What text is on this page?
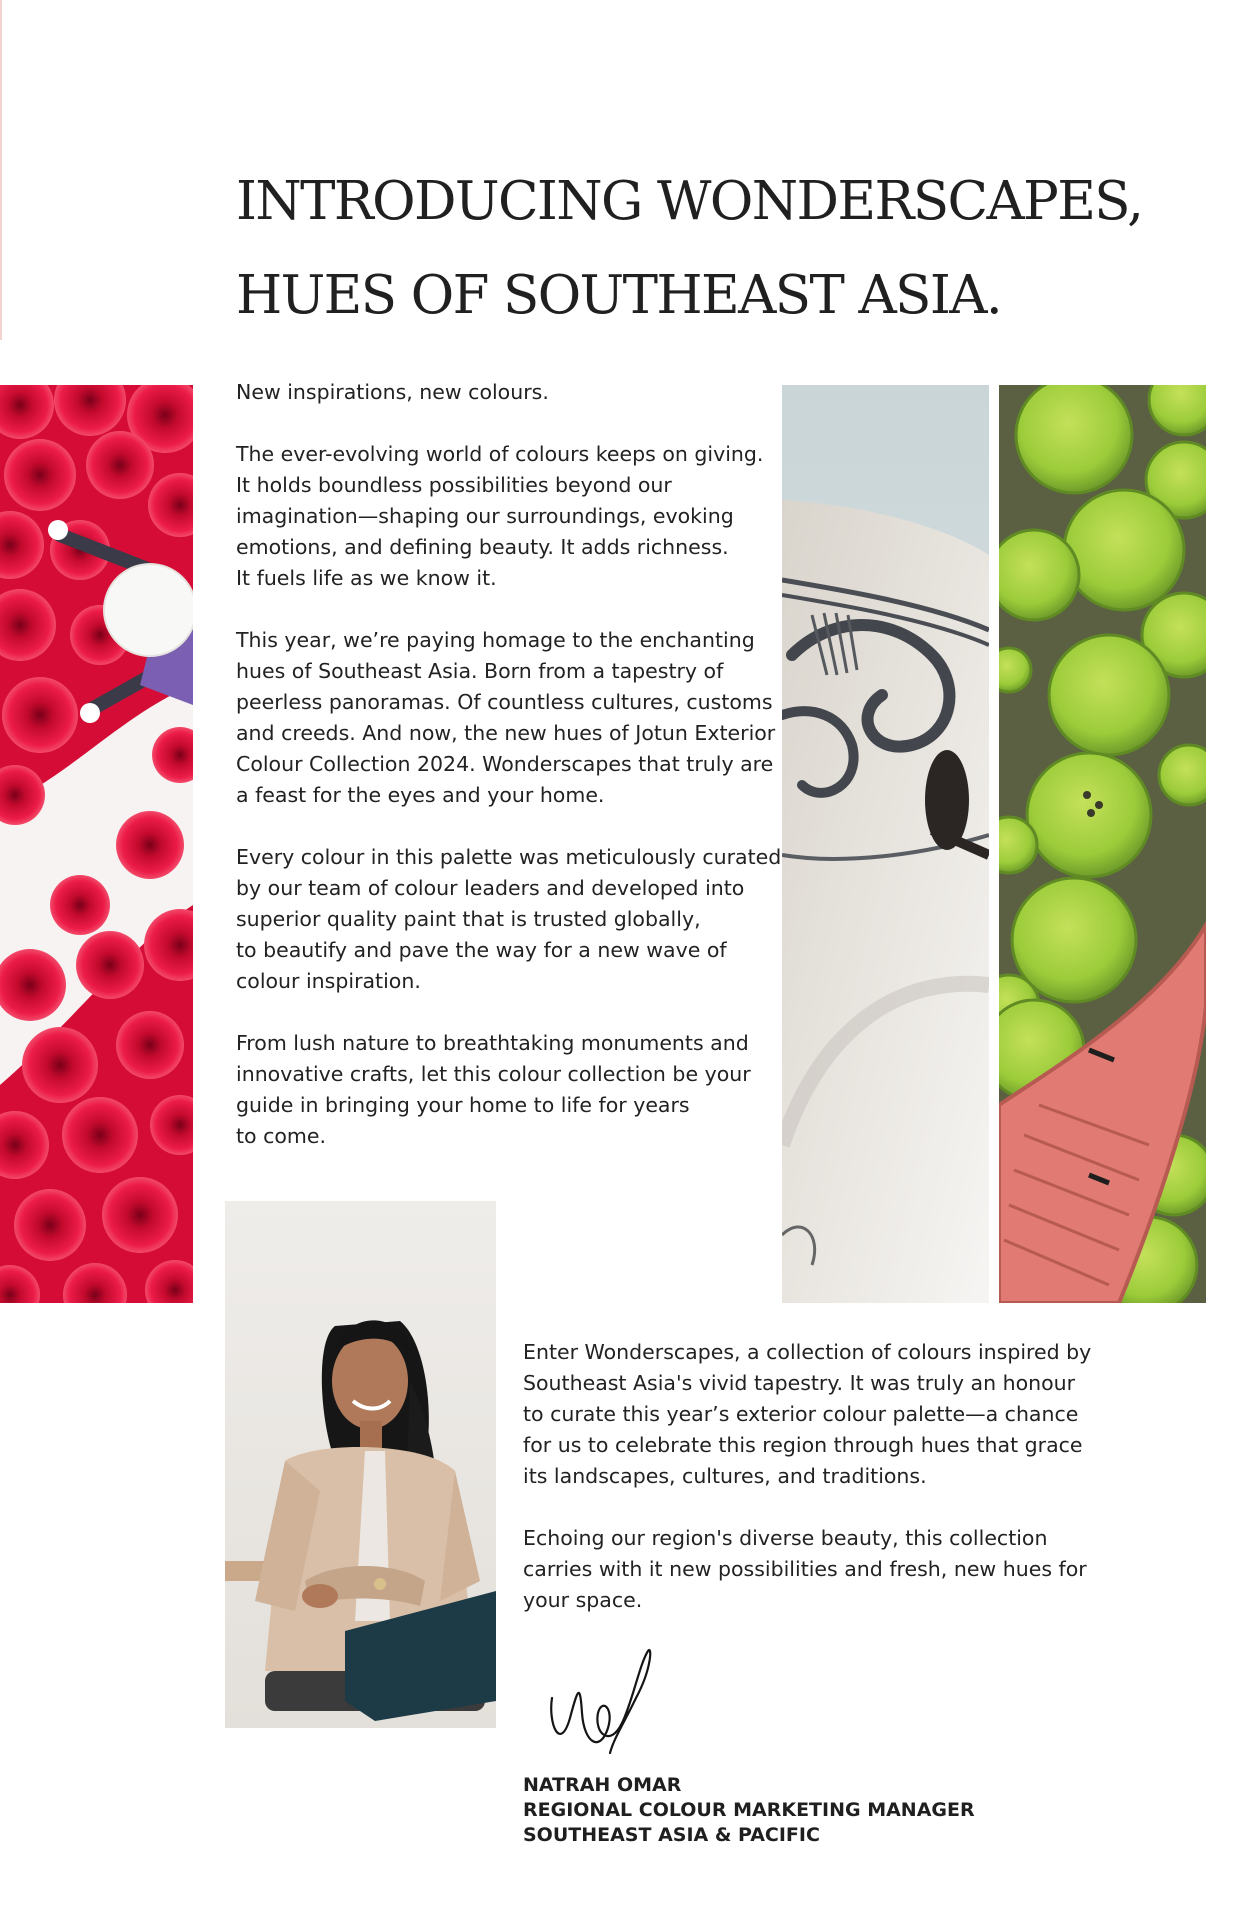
INTRODUCING WONDERSCAPES,
HUES OF SOUTHEAST ASIA.

New inspirations, new colours.

The ever-evolving world of colours keeps on giving.
It holds boundless possibilities beyond our
imagination—shaping our surroundings, evoking
emotions, and defining beauty. It adds richness.
It fuels life as we know it.

This year, we’re paying homage to the enchanting
hues of Southeast Asia. Born from a tapestry of
peerless panoramas. Of countless cultures, customs
and creeds. And now, the new hues of Jotun Exterior
Colour Collection 2024. Wonderscapes that truly are
a feast for the eyes and your home.

Every colour in this palette was meticulously curated
by our team of colour leaders and developed into
superior quality paint that is trusted globally,
to beautify and pave the way for a new wave of
colour inspiration.

From lush nature to breathtaking monuments and
innovative crafts, let this colour collection be your
guide in bringing your home to life for years
to come.

Enter Wonderscapes, a collection of colours inspired by
Southeast Asia's vivid tapestry. It was truly an honour
to curate this year’s exterior colour palette—a chance
for us to celebrate this region through hues that grace
its landscapes, cultures, and traditions.

Echoing our region's diverse beauty, this collection
carries with it new possibilities and fresh, new hues for
your space.

NATRAH OMAR
REGIONAL COLOUR MARKETING MANAGER
SOUTHEAST ASIA & PACIFIC
